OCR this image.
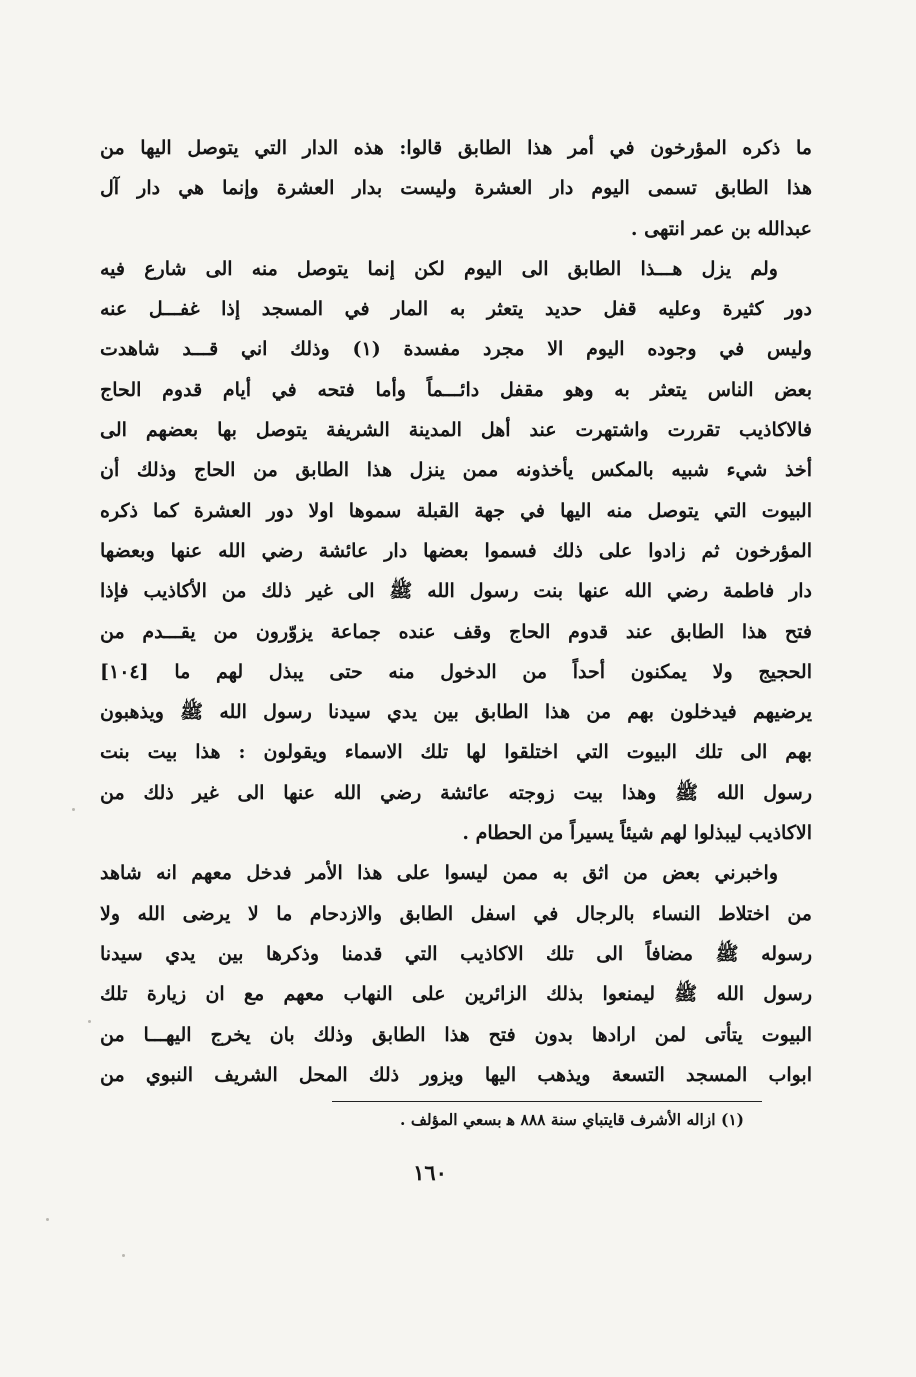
ما ذكره المؤرخون في أمر هذا الطابق قالوا: هذه الدار التي يتوصل اليها من
هذا الطابق تسمى اليوم دار العشرة وليست بدار العشرة وإنما هي دار آل
عبدالله بن عمر انتهى .
ولم يزل هـــذا الطابق الى اليوم لكن إنما يتوصل منه الى شارع فيه
دور كثيرة وعليه قفل حديد يتعثر به المار في المسجد إذا غفـــل عنه
وليس في وجوده اليوم الا مجرد مفسدة (١) وذلك اني قـــد شاهدت
بعض الناس يتعثر به وهو مقفل دائـــماً وأما فتحه في أيام قدوم الحاج
فالاكاذيب تقررت واشتهرت عند أهل المدينة الشريفة يتوصل بها بعضهم الى
أخذ شيء شبيه بالمكس يأخذونه ممن ينزل هذا الطابق من الحاج وذلك أن
البيوت التي يتوصل منه اليها في جهة القبلة سموها اولا دور العشرة كما ذكره
المؤرخون ثم زادوا على ذلك فسموا بعضها دار عائشة رضي الله عنها وبعضها
دار فاطمة رضي الله عنها بنت رسول الله ﷺ الى غير ذلك من الأكاذيب فإذا
فتح هذا الطابق عند قدوم الحاج وقف عنده جماعة يزوّرون من يقـــدم من
الحجيج ولا يمكنون أحداً من الدخول منه حتى يبذل لهم ما [١٠٤]
يرضيهم فيدخلون بهم من هذا الطابق بين يدي سيدنا رسول الله ﷺ ويذهبون
بهم الى تلك البيوت التي اختلقوا لها تلك الاسماء ويقولون : هذا بيت بنت
رسول الله ﷺ وهذا بيت زوجته عائشة رضي الله عنها الى غير ذلك من
الاكاذيب ليبذلوا لهم شيئاً يسيراً من الحطام .
واخبرني بعض من اثق به ممن ليسوا على هذا الأمر فدخل معهم انه شاهد
من اختلاط النساء بالرجال في اسفل الطابق والازدحام ما لا يرضى الله ولا
رسوله ﷺ مضافاً الى تلك الاكاذيب التي قدمنا وذكرها بين يدي سيدنا
رسول الله ﷺ ليمنعوا بذلك الزائرين على النهاب معهم مع ان زيارة تلك
البيوت يتأتى لمن ارادها بدون فتح هذا الطابق وذلك بان يخرج اليهـــا من
ابواب المسجد التسعة ويذهب اليها ويزور ذلك المحل الشريف النبوي من
(١) ازاله الأشرف قايتباي سنة ٨٨٨ ﻫ بسعي المؤلف .
١٦٠
